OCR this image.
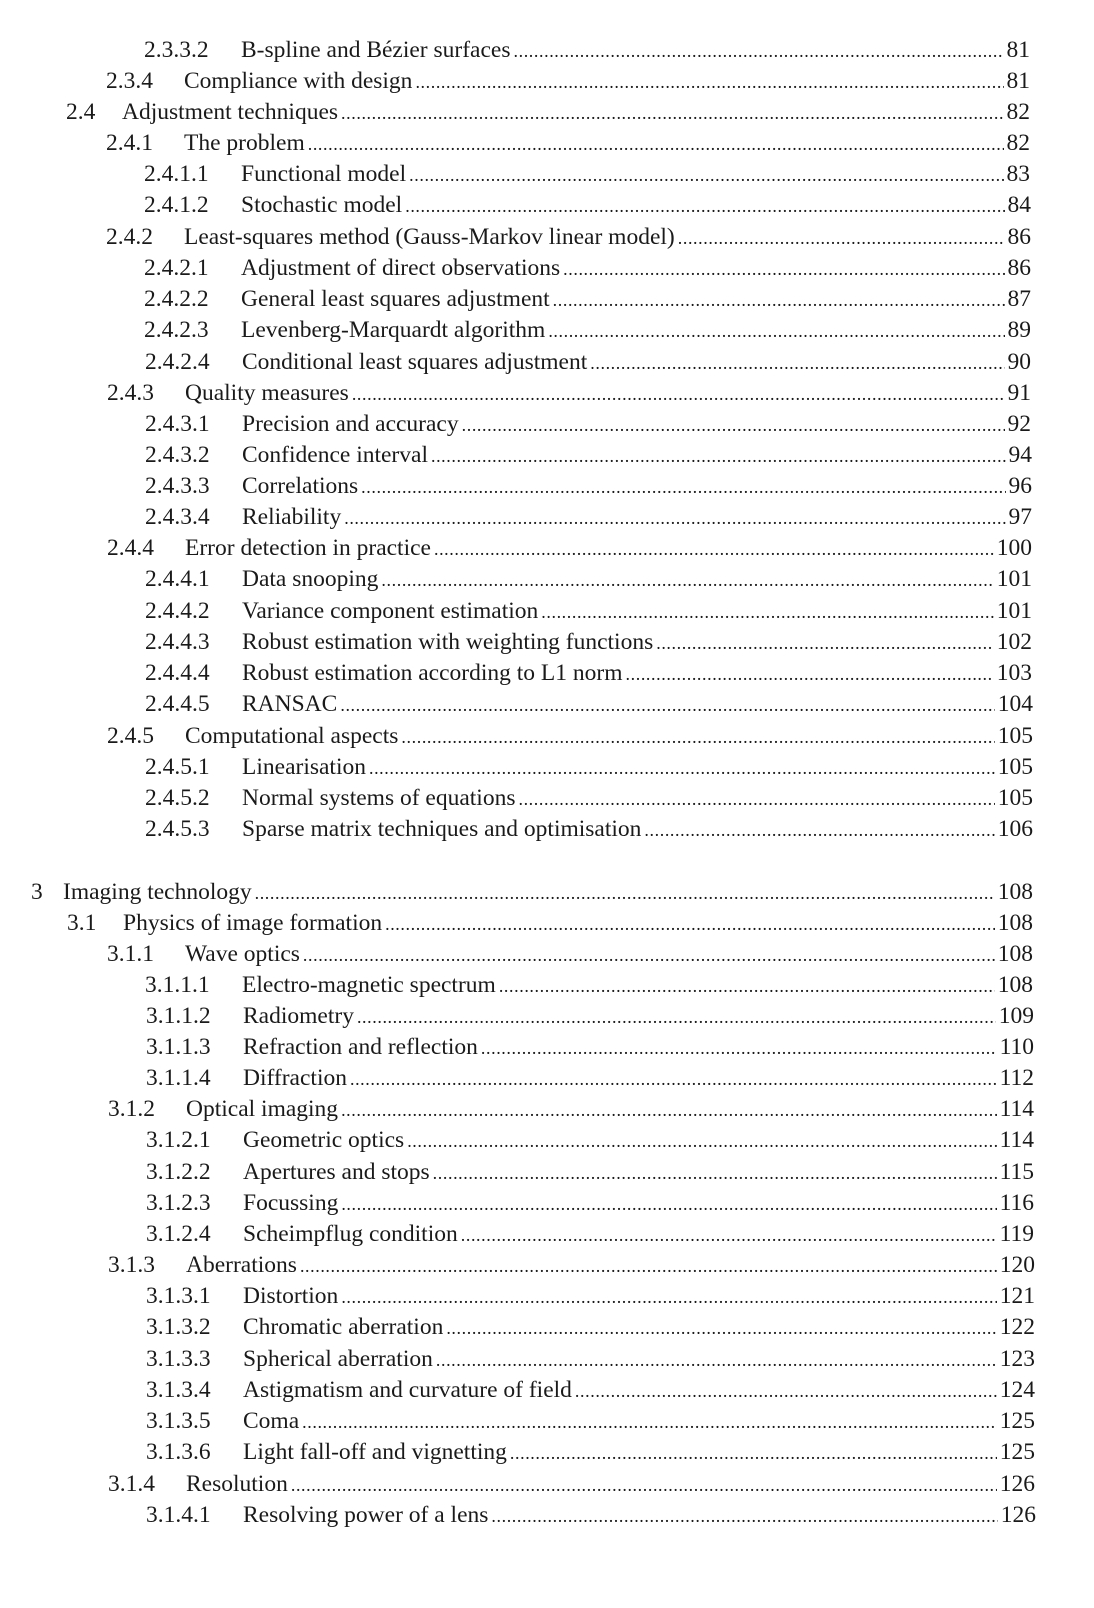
2.3.3.2	B-spline and Bézier surfaces .....	81
2.3.4	Compliance with design .....	81
2.4	Adjustment techniques .....	82
2.4.1	The problem .....	82
2.4.1.1	Functional model .....	83
2.4.1.2	Stochastic model .....	84
2.4.2	Least-squares method (Gauss-Markov linear model) .....	86
2.4.2.1	Adjustment of direct observations .....	86
2.4.2.2	General least squares adjustment .....	87
2.4.2.3	Levenberg-Marquardt algorithm .....	89
2.4.2.4	Conditional least squares adjustment .....	90
2.4.3	Quality measures .....	91
2.4.3.1	Precision and accuracy .....	92
2.4.3.2	Confidence interval .....	94
2.4.3.3	Correlations .....	96
2.4.3.4	Reliability .....	97
2.4.4	Error detection in practice .....	100
2.4.4.1	Data snooping .....	101
2.4.4.2	Variance component estimation .....	101
2.4.4.3	Robust estimation with weighting functions .....	102
2.4.4.4	Robust estimation according to L1 norm .....	103
2.4.4.5	RANSAC .....	104
2.4.5	Computational aspects .....	105
2.4.5.1	Linearisation .....	105
2.4.5.2	Normal systems of equations .....	105
2.4.5.3	Sparse matrix techniques and optimisation .....	106
3 Imaging technology .....	108
3.1	Physics of image formation .....	108
3.1.1	Wave optics .....	108
3.1.1.1	Electro-magnetic spectrum .....	108
3.1.1.2	Radiometry .....	109
3.1.1.3	Refraction and reflection .....	110
3.1.1.4	Diffraction .....	112
3.1.2	Optical imaging .....	114
3.1.2.1	Geometric optics .....	114
3.1.2.2	Apertures and stops .....	115
3.1.2.3	Focussing .....	116
3.1.2.4	Scheimpflug condition .....	119
3.1.3	Aberrations .....	120
3.1.3.1	Distortion .....	121
3.1.3.2	Chromatic aberration .....	122
3.1.3.3	Spherical aberration .....	123
3.1.3.4	Astigmatism and curvature of field .....	124
3.1.3.5	Coma .....	125
3.1.3.6	Light fall-off and vignetting .....	125
3.1.4	Resolution .....	126
3.1.4.1	Resolving power of a lens .....	126
